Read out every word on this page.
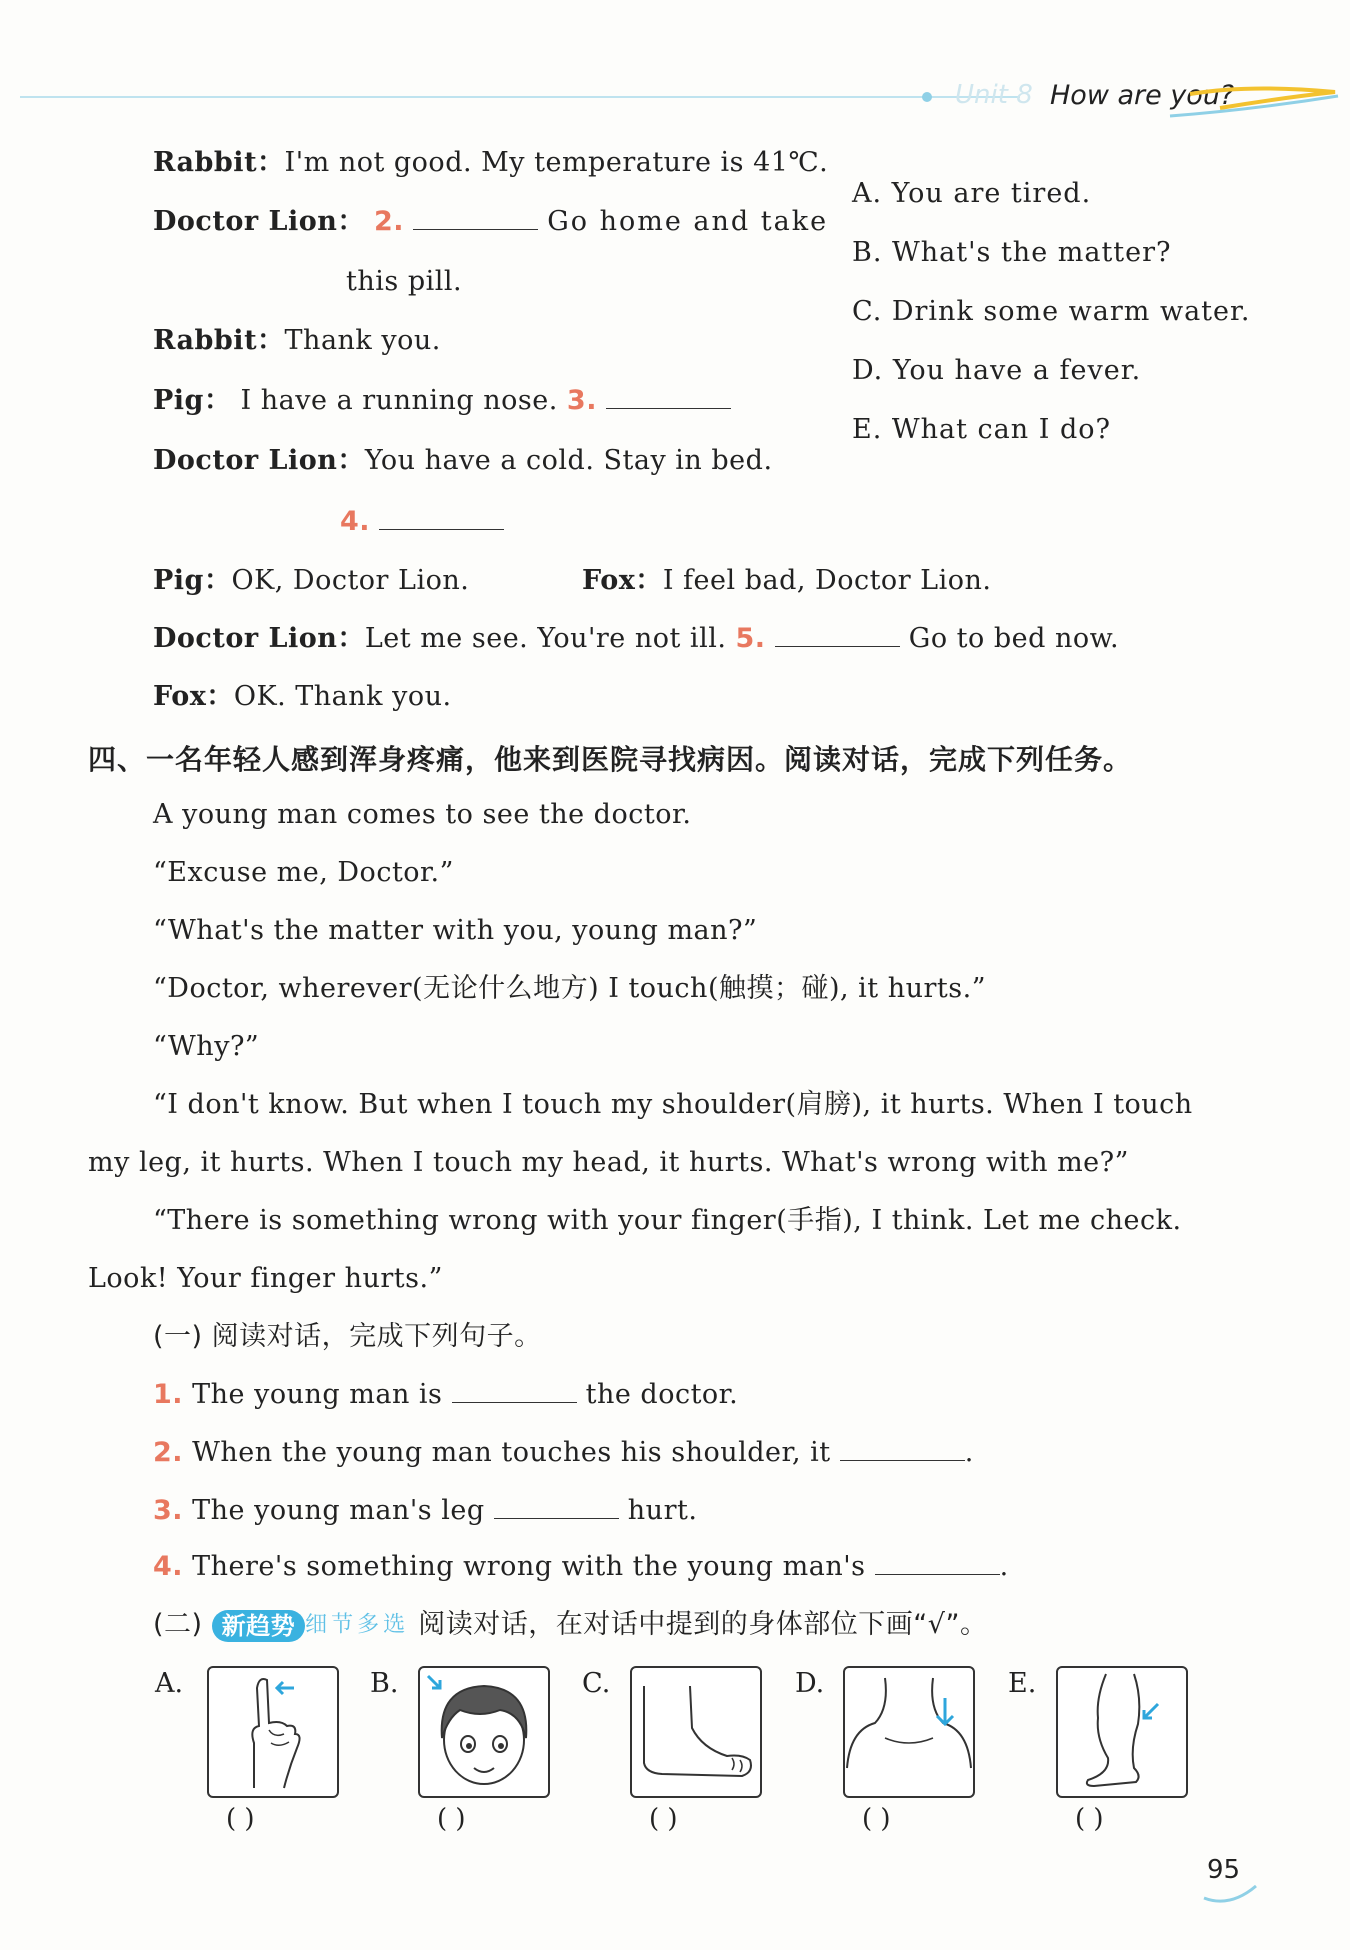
Unit 8 How are you?
Rabbit：I'm not good. My temperature is 41℃.
Doctor Lion： 2.	Go home and take
this pill.
Rabbit：Thank you.
Pig： I have a running nose. 3.
Doctor Lion：You have a cold. Stay in bed.
4.
Pig：OK, Doctor Lion.	Fox：I feel bad, Doctor Lion.
Doctor Lion：Let me see. You're not ill. 5.	Go to bed now.
Fox：OK. Thank you.
A. You are tired.
B. What's the matter?
C. Drink some warm water.
D. You have a fever.
E. What can I do?
四、一名年轻人感到浑身疼痛，他来到医院寻找病因。阅读对话，完成下列任务。
A young man comes to see the doctor.
“Excuse me, Doctor.”
“What's the matter with you, young man?”
“Doctor, wherever(无论什么地方) I touch(触摸；碰), it hurts.”
“Why?”
“I don't know. But when I touch my shoulder(肩膀), it hurts. When I touch
my leg, it hurts. When I touch my head, it hurts. What's wrong with me?”
“There is something wrong with your finger(手指), I think. Let me check.
Look! Your finger hurts.”
(一) 阅读对话，完成下列句子。
1. The young man is	the doctor.
2. When the young man touches his shoulder, it	.
3. The young man's leg	hurt.
4. There's something wrong with the young man's	.
(二) 新趋势 细节多选 阅读对话，在对话中提到的身体部位下画“√”。
A.	B.	C.	D.	E.
( )	( )	( )	( )	( )
95
